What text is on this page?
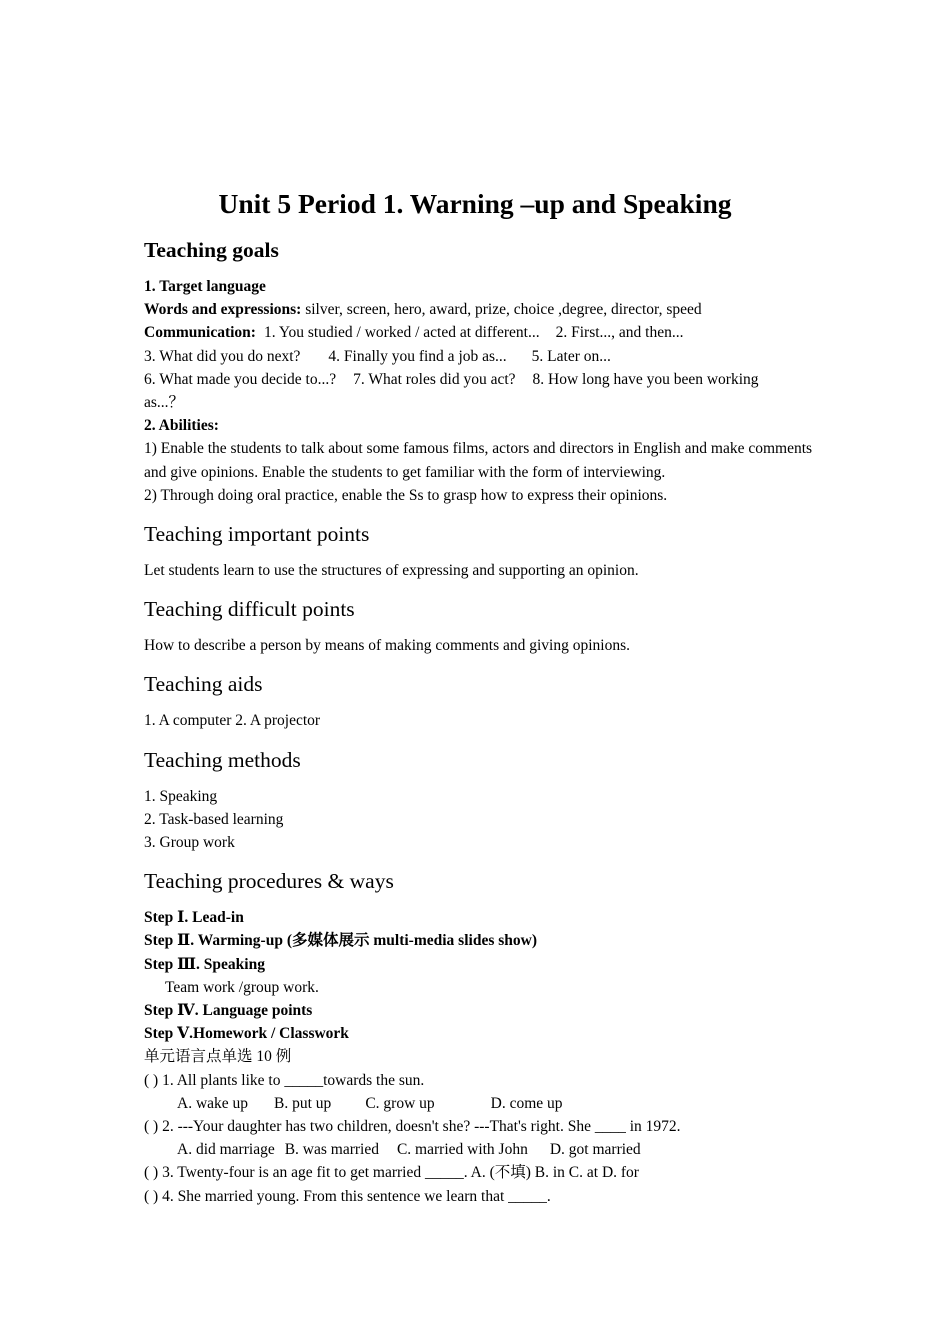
Unit 5 Period 1. Warning –up and Speaking
Teaching goals

1. Target language

Words and expressions: silver, screen, hero, award, prize, choice ,degree, director, speed

Communication: 1. You studied / worked / acted at different... 2. First..., and then...

3. What did you do next? 4. Finally you find a job as... 5. Later on...

6. What made you decide to...? 7. What roles did you act? 8. How long have you been working

as...？

2. Abilities:

1) Enable the students to talk about some famous films, actors and directors in English and make comments and give opinions. Enable the students to get familiar with the form of interviewing.

2) Through doing oral practice, enable the Ss to grasp how to express their opinions.

Teaching important points

Let students learn to use the structures of expressing and supporting an opinion.

Teaching difficult points

How to describe a person by means of making comments and giving opinions.

Teaching aids

1. A computer 2. A projector

Teaching methods

1. Speaking

2. Task-based learning

3. Group work

Teaching procedures & ways

Step Ⅰ. Lead-in

Step Ⅱ. Warming-up (多媒体展示 multi-media slides show)

Step Ⅲ. Speaking

Team work /group work.

Step Ⅳ. Language points

Step Ⅴ.Homework / Classwork

单元语言点单选 10 例

( ) 1. All plants like to _____towards the sun.

A. wake up B. put up C. grow up	D. come up

( ) 2. ---Your daughter has two children, doesn't she? ---That's right. She ____ in 1972.

A. did marriage B. was married C. married with John D. got married

( ) 3. Twenty-four is an age fit to get married _____. A. (不填) B. in C. at D. for

( ) 4. She married young. From this sentence we learn that _____.
